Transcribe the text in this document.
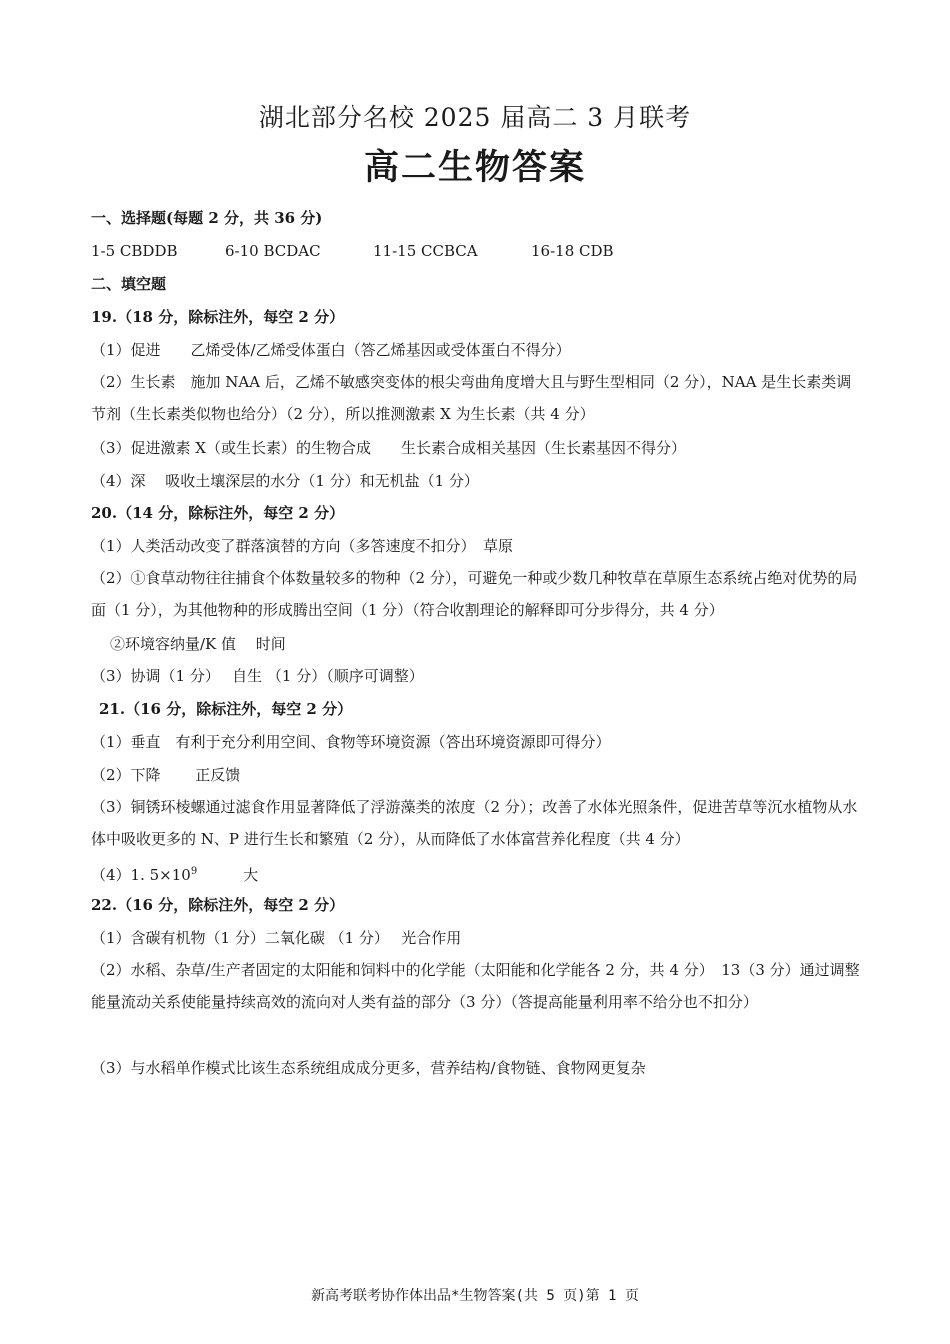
湖北部分名校 2025 届高二 3 月联考
高二生物答案
一、选择题(每题 2 分，共 36 分)
1-5 CBDDB	6-10 BCDAC	11-15 CCBCA	16-18 CDB
二、填空题
19.（18 分，除标注外，每空 2 分）
（1）促进　　乙烯受体/乙烯受体蛋白（答乙烯基因或受体蛋白不得分）
（2）生长素　施加 NAA 后，乙烯不敏感突变体的根尖弯曲角度增大且与野生型相同（2 分），NAA 是生长素类调节剂（生长素类似物也给分）（2 分），所以推测激素 X 为生长素（共 4 分）
（3）促进激素 X（或生长素）的生物合成　　生长素合成相关基因（生长素基因不得分）
（4）深　 吸收土壤深层的水分（1 分）和无机盐（1 分）
20.（14 分，除标注外，每空 2 分）
（1）人类活动改变了群落演替的方向（多答速度不扣分）　草原
（2）①食草动物往往捕食个体数量较多的物种（2 分），可避免一种或少数几种牧草在草原生态系统占绝对优势的局面（1 分），为其他物种的形成腾出空间（1 分）（符合收割理论的解释即可分步得分，共 4 分）
②环境容纳量/K 值　 时间
（3）协调（1 分）　 自生 （1 分）（顺序可调整）
21.（16 分，除标注外，每空 2 分）
（1）垂直　有利于充分利用空间、食物等环境资源（答出环境资源即可得分）
（2）下降　　 正反馈
（3）铜锈环棱螺通过滤食作用显著降低了浮游藻类的浓度（2 分）；改善了水体光照条件，促进苦草等沉水植物从水体中吸收更多的 N、P 进行生长和繁殖（2 分），从而降低了水体富营养化程度（共 4 分）
（4）1. $5\times 10^9$	大
22.（16 分，除标注外，每空 2 分）
（1）含碳有机物（1 分）二氧化碳 （1 分）　 光合作用
（2）水稻、杂草/生产者固定的太阳能和饲料中的化学能（太阳能和化学能各 2 分，共 4 分）　13（3 分）通过调整能量流动关系使能量持续高效的流向对人类有益的部分（3 分）（答提高能量利用率不给分也不扣分）
（3）与水稻单作模式比该生态系统组成成分更多，营养结构/食物链、食物网更复杂
新高考联考协作体出品*生物答案(共 5 页)第 1 页
